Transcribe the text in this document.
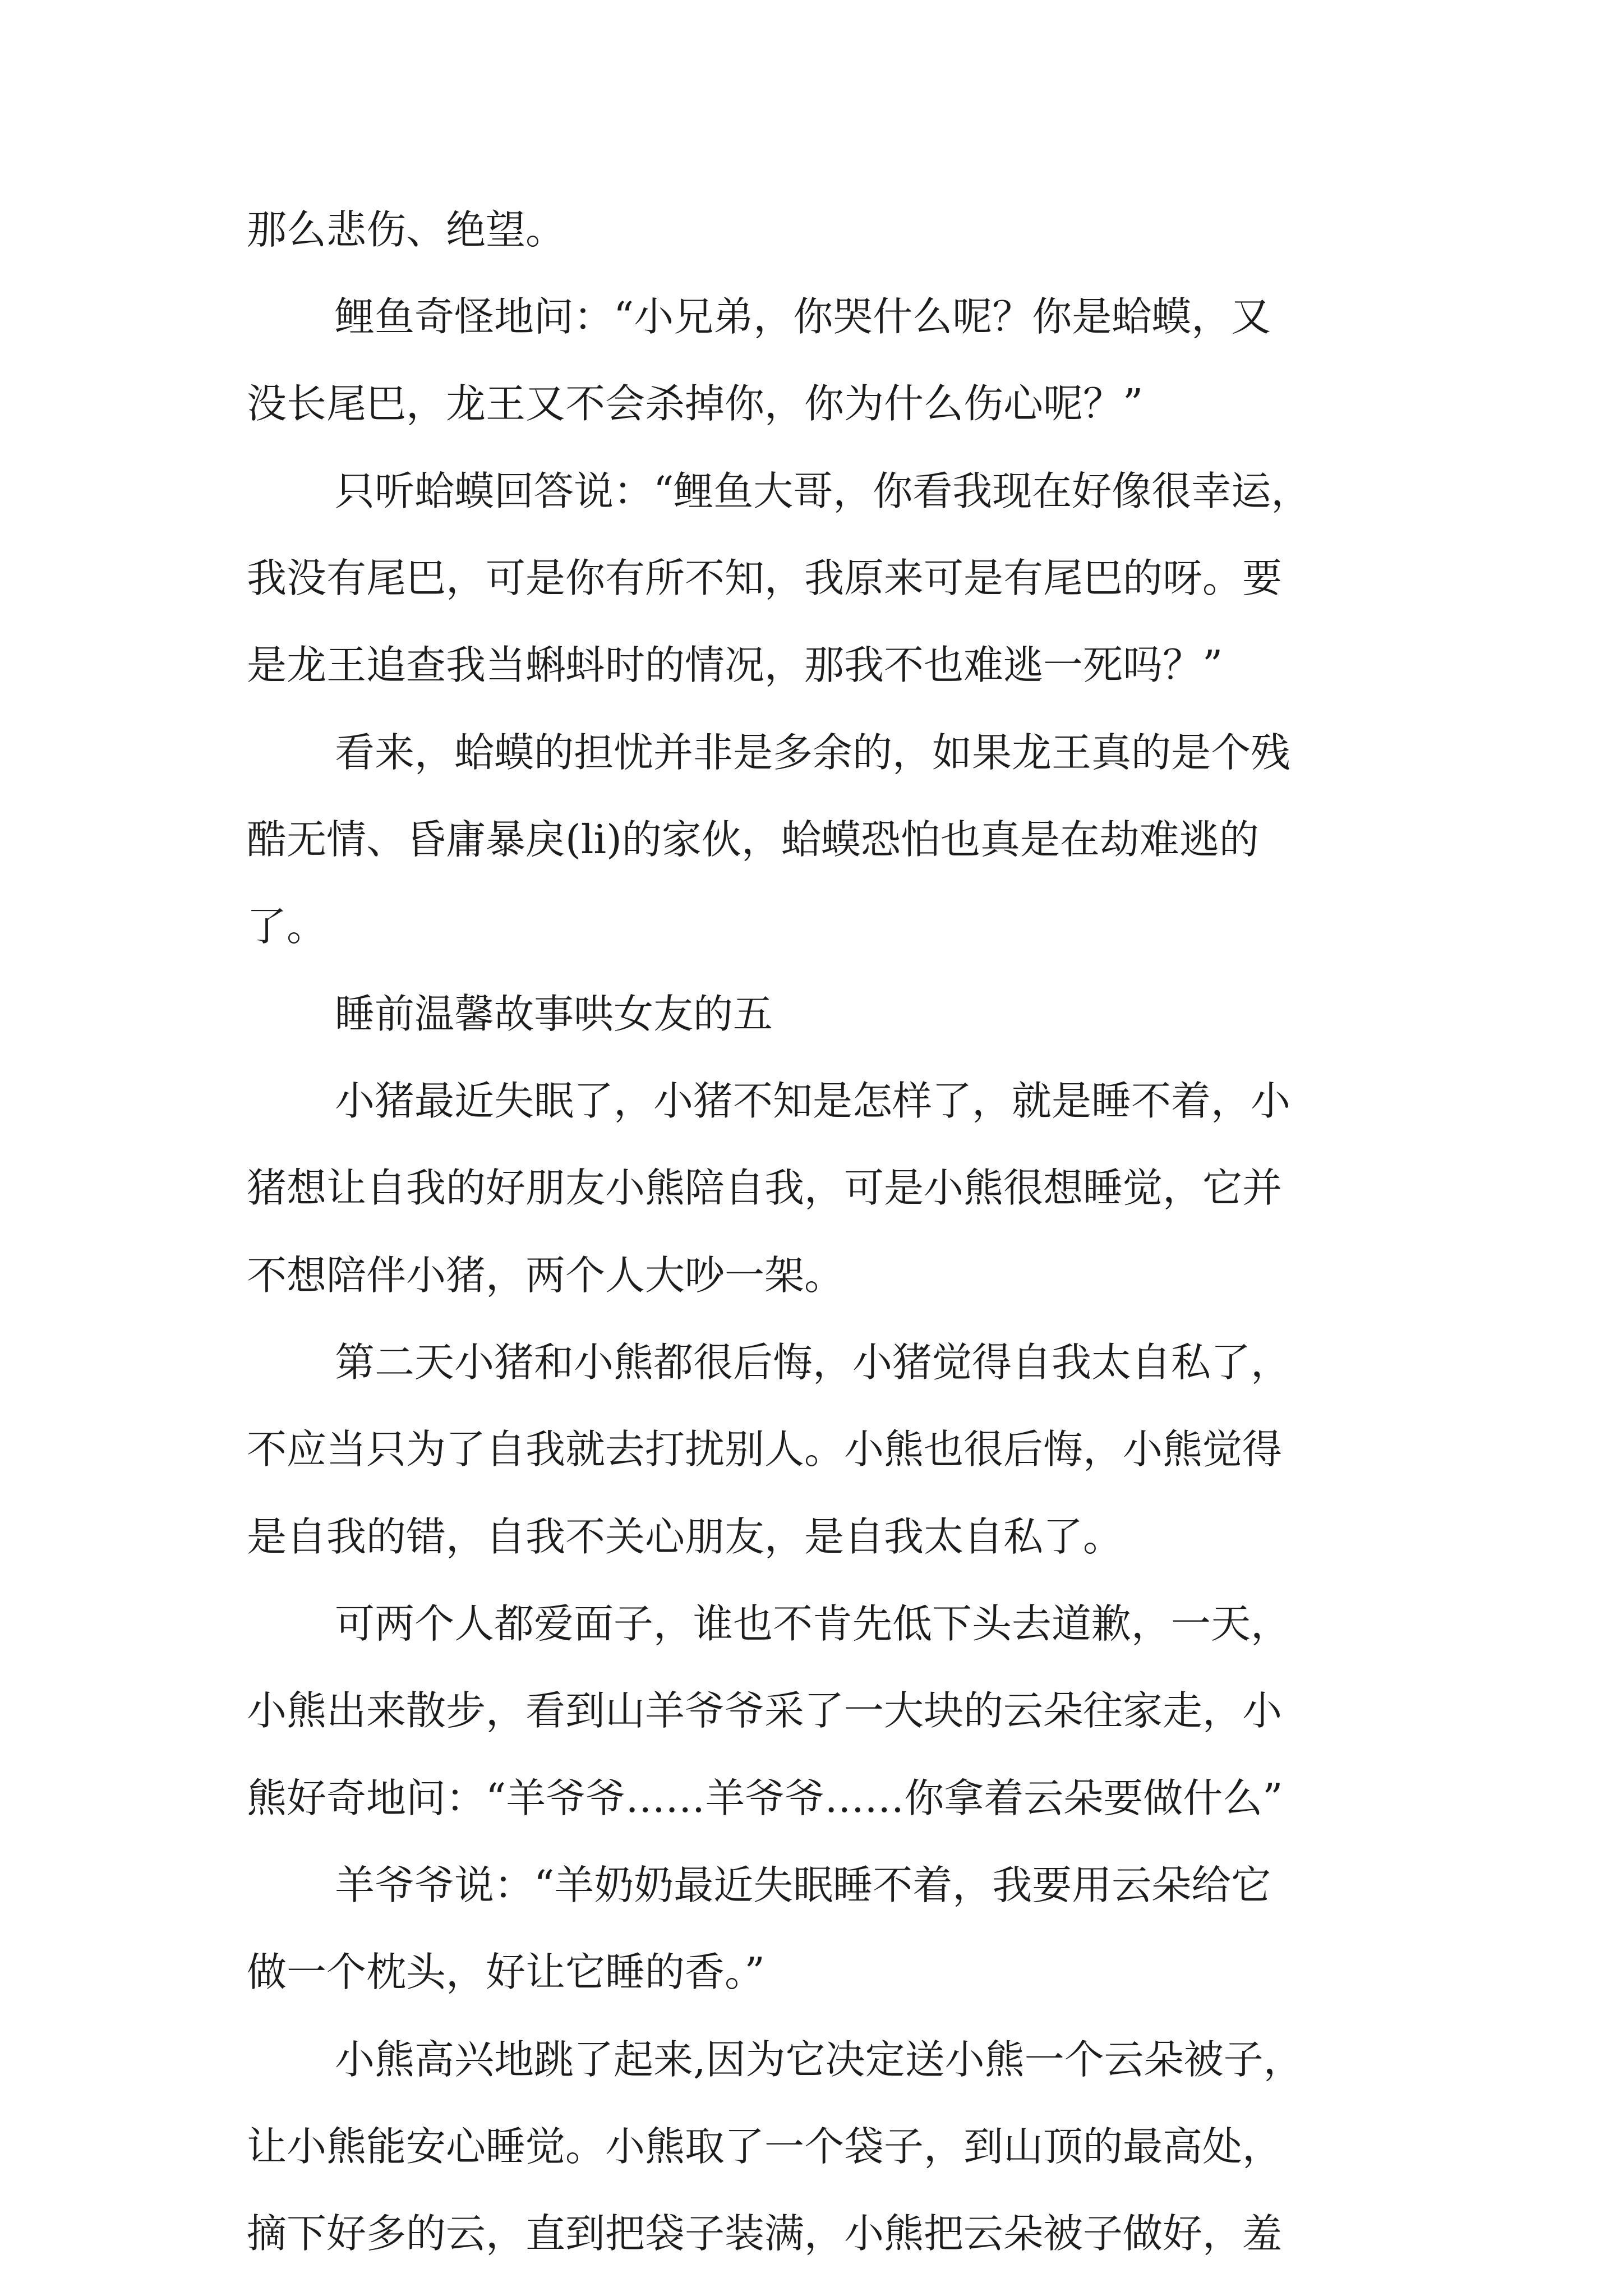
那么悲伤、绝望。

鲤鱼奇怪地问：“小兄弟，你哭什么呢？你是蛤蟆，又

没长尾巴，龙王又不会杀掉你，你为什么伤心呢？”

只听蛤蟆回答说：“鲤鱼大哥，你看我现在好像很幸运，

我没有尾巴，可是你有所不知，我原来可是有尾巴的呀。要

是龙王追查我当蝌蚪时的情况，那我不也难逃一死吗？”

看来，蛤蟆的担忧并非是多余的，如果龙王真的是个残

酷无情、昏庸暴戾(li)的家伙，蛤蟆恐怕也真是在劫难逃的

了。

睡前温馨故事哄女友的五

小猪最近失眠了，小猪不知是怎样了，就是睡不着，小

猪想让自我的好朋友小熊陪自我，可是小熊很想睡觉，它并

不想陪伴小猪，两个人大吵一架。

第二天小猪和小熊都很后悔，小猪觉得自我太自私了，

不应当只为了自我就去打扰别人。小熊也很后悔，小熊觉得

是自我的错，自我不关心朋友，是自我太自私了。

可两个人都爱面子，谁也不肯先低下头去道歉，一天，

小熊出来散步，看到山羊爷爷采了一大块的云朵往家走，小

熊好奇地问：“羊爷爷……羊爷爷……你拿着云朵要做什么”

羊爷爷说：“羊奶奶最近失眠睡不着，我要用云朵给它

做一个枕头，好让它睡的香。”

小熊高兴地跳了起来,因为它决定送小熊一个云朵被子，

让小熊能安心睡觉。小熊取了一个袋子，到山顶的最高处，

摘下好多的云，直到把袋子装满，小熊把云朵被子做好，羞
